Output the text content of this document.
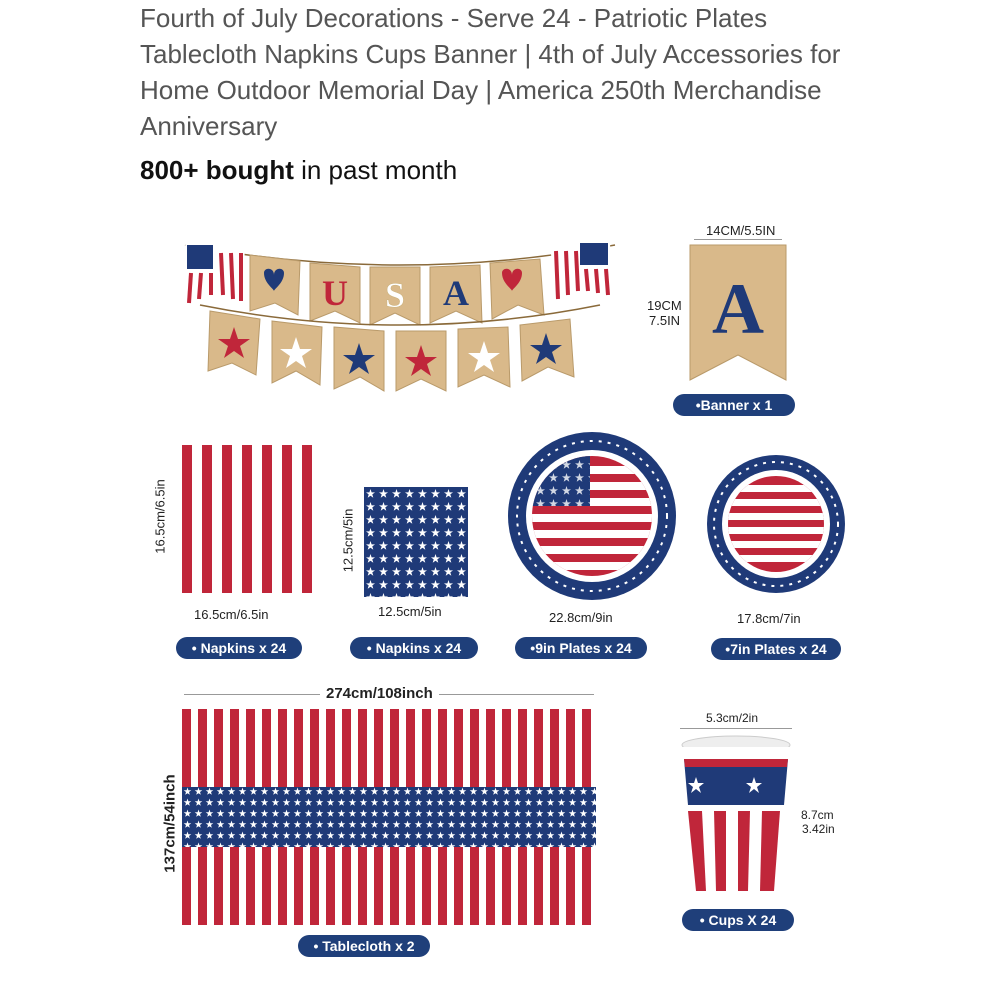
Fourth of July Decorations - Serve 24 - Patriotic Plates Tablecloth Napkins Cups Banner | 4th of July Accessories for Home Outdoor Memorial Day | America 250th Merchandise Anniversary
800+ bought in past month
U S A
14CM/5.5IN
19CM
7.5IN A
•Banner x 1
16.5cm/6.5in
16.5cm/6.5in
• Napkins x 24
12.5cm/5in
12.5cm/5in
• Napkins x 24
22.8cm/9in
•9in Plates x 24
17.8cm/7in
•7in Plates x 24
274cm/108inch
137cm/54inch
• Tablecloth x 2
5.3cm/2in
8.7cm
3.42in
• Cups X 24
